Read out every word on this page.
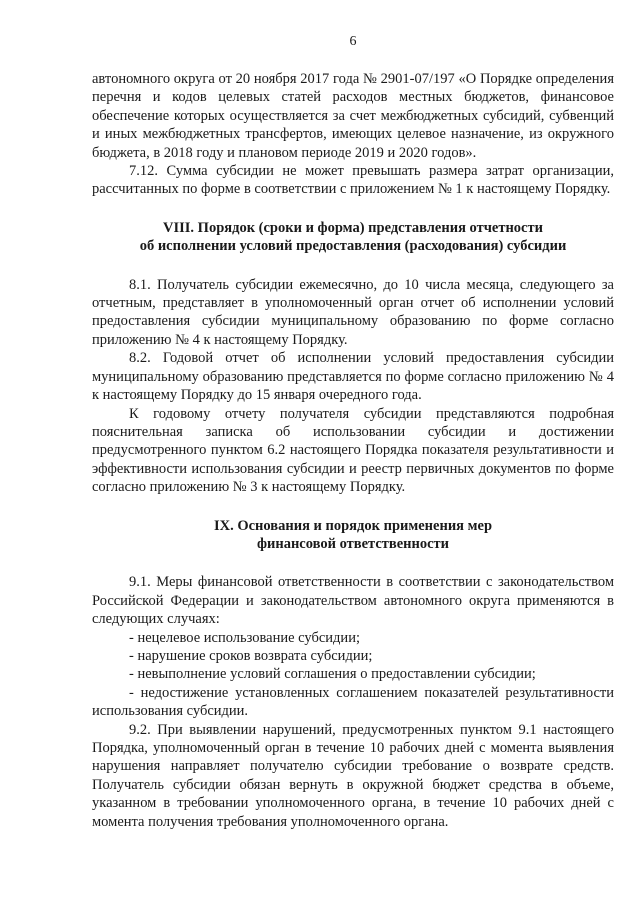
6

автономного округа от 20 ноября 2017 года № 2901-07/197 «О Порядке определения перечня и кодов целевых статей расходов местных бюджетов, финансовое обеспечение которых осуществляется за счет межбюджетных субсидий, субвенций и иных межбюджетных трансфертов, имеющих целевое назначение, из окружного бюджета, в 2018 году и плановом периоде 2019 и 2020 годов».

7.12. Сумма субсидии не может превышать размера затрат организации, рассчитанных по форме в соответствии с приложением № 1 к настоящему Порядку.

VIII. Порядок (сроки и форма) представления отчетности
об исполнении условий предоставления (расходования) субсидии

8.1. Получатель субсидии ежемесячно, до 10 числа месяца, следующего за отчетным, представляет в уполномоченный орган отчет об исполнении условий предоставления субсидии муниципальному образованию по форме согласно приложению № 4 к настоящему Порядку.

8.2. Годовой отчет об исполнении условий предоставления субсидии муниципальному образованию представляется по форме согласно приложению № 4 к настоящему Порядку до 15 января очередного года.

К годовому отчету получателя субсидии представляются подробная пояснительная записка об использовании субсидии и достижении предусмотренного пунктом 6.2 настоящего Порядка показателя результативности и эффективности использования субсидии и реестр первичных документов по форме согласно приложению № 3 к настоящему Порядку.

IX. Основания и порядок применения мер
финансовой ответственности

9.1. Меры финансовой ответственности в соответствии с законодательством Российской Федерации и законодательством автономного округа применяются в следующих случаях:

- нецелевое использование субсидии;

- нарушение сроков возврата субсидии;

- невыполнение условий соглашения о предоставлении субсидии;

- недостижение установленных соглашением показателей результативности использования субсидии.

9.2. При выявлении нарушений, предусмотренных пунктом 9.1 настоящего Порядка, уполномоченный орган в течение 10 рабочих дней с момента выявления нарушения направляет получателю субсидии требование о возврате средств. Получатель субсидии обязан вернуть в окружной бюджет средства в объеме, указанном в требовании уполномоченного органа, в течение 10 рабочих дней с момента получения требования уполномоченного органа.
